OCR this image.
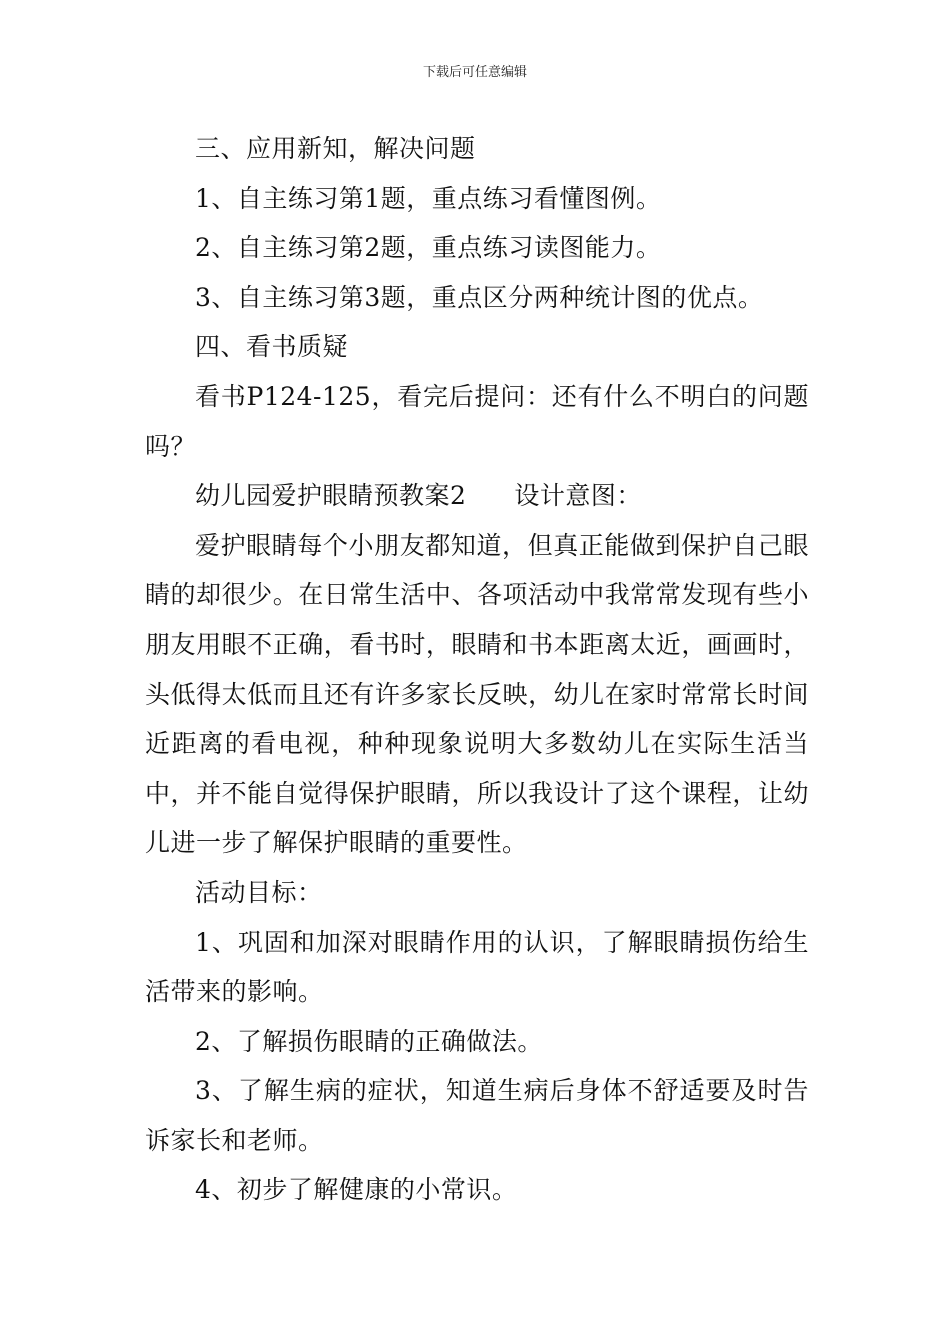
下载后可任意编辑

三、应用新知，解决问题

1、自主练习第1题，重点练习看懂图例。

2、自主练习第2题，重点练习读图能力。

3、自主练习第3题，重点区分两种统计图的优点。

四、看书质疑

看书P124-125，看完后提问：还有什么不明白的问题吗？

幼儿园爱护眼睛预教案2 设计意图：

爱护眼睛每个小朋友都知道，但真正能做到保护自己眼睛的却很少。在日常生活中、各项活动中我常常发现有些小朋友用眼不正确，看书时，眼睛和书本距离太近，画画时，头低得太低而且还有许多家长反映，幼儿在家时常常长时间近距离的看电视，种种现象说明大多数幼儿在实际生活当中，并不能自觉得保护眼睛，所以我设计了这个课程，让幼儿进一步了解保护眼睛的重要性。

活动目标：

1、巩固和加深对眼睛作用的认识，了解眼睛损伤给生活带来的影响。

2、了解损伤眼睛的正确做法。

3、了解生病的症状，知道生病后身体不舒适要及时告诉家长和老师。

4、初步了解健康的小常识。
